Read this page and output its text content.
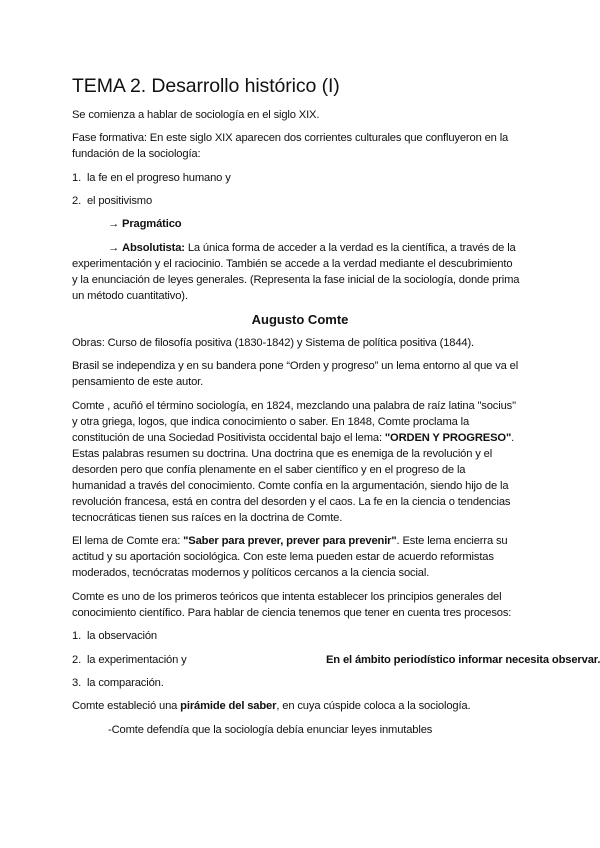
TEMA 2. Desarrollo histórico (I)
Se comienza a hablar de sociología en el siglo XIX.
Fase formativa: En este siglo XIX aparecen dos corrientes culturales que confluyeron en la
fundación de la sociología:
1. la fe en el progreso humano y
2. el positivismo
→ Pragmático
→ Absolutista: La única forma de acceder a la verdad es la científica, a través de la
experimentación y el raciocinio. También se accede a la verdad mediante el descubrimiento
y la enunciación de leyes generales. (Representa la fase inicial de la sociología, donde prima
un método cuantitativo).
Augusto Comte
Obras: Curso de filosofía positiva (1830-1842) y Sistema de política positiva (1844).
Brasil se independiza y en su bandera pone “Orden y progreso” un lema entorno al que va el
pensamiento de este autor.
Comte , acuñó el término sociología, en 1824, mezclando una palabra de raíz latina "socius"
y otra griega, logos, que indica conocimiento o saber. En 1848, Comte proclama la
constitución de una Sociedad Positivista occidental bajo el lema: "ORDEN Y PROGRESO".
Estas palabras resumen su doctrina. Una doctrina que es enemiga de la revolución y el
desorden pero que confía plenamente en el saber científico y en el progreso de la
humanidad a través del conocimiento. Comte confía en la argumentación, siendo hijo de la
revolución francesa, está en contra del desorden y el caos. La fe en la ciencia o tendencias
tecnocráticas tienen sus raíces en la doctrina de Comte.
El lema de Comte era: "Saber para prever, prever para prevenir". Este lema encierra su
actitud y su aportación sociológica. Con este lema pueden estar de acuerdo reformistas
moderados, tecnócratas modernos y políticos cercanos a la ciencia social.
Comte es uno de los primeros teóricos que intenta establecer los principios generales del
conocimiento científico. Para hablar de ciencia tenemos que tener en cuenta tres procesos:
1. la observación
2. la experimentación y	En el ámbito periodístico informar necesita observar.
3. la comparación.
Comte estableció una pirámide del saber, en cuya cúspide coloca a la sociología.
-Comte defendía que la sociología debía enunciar leyes inmutables
